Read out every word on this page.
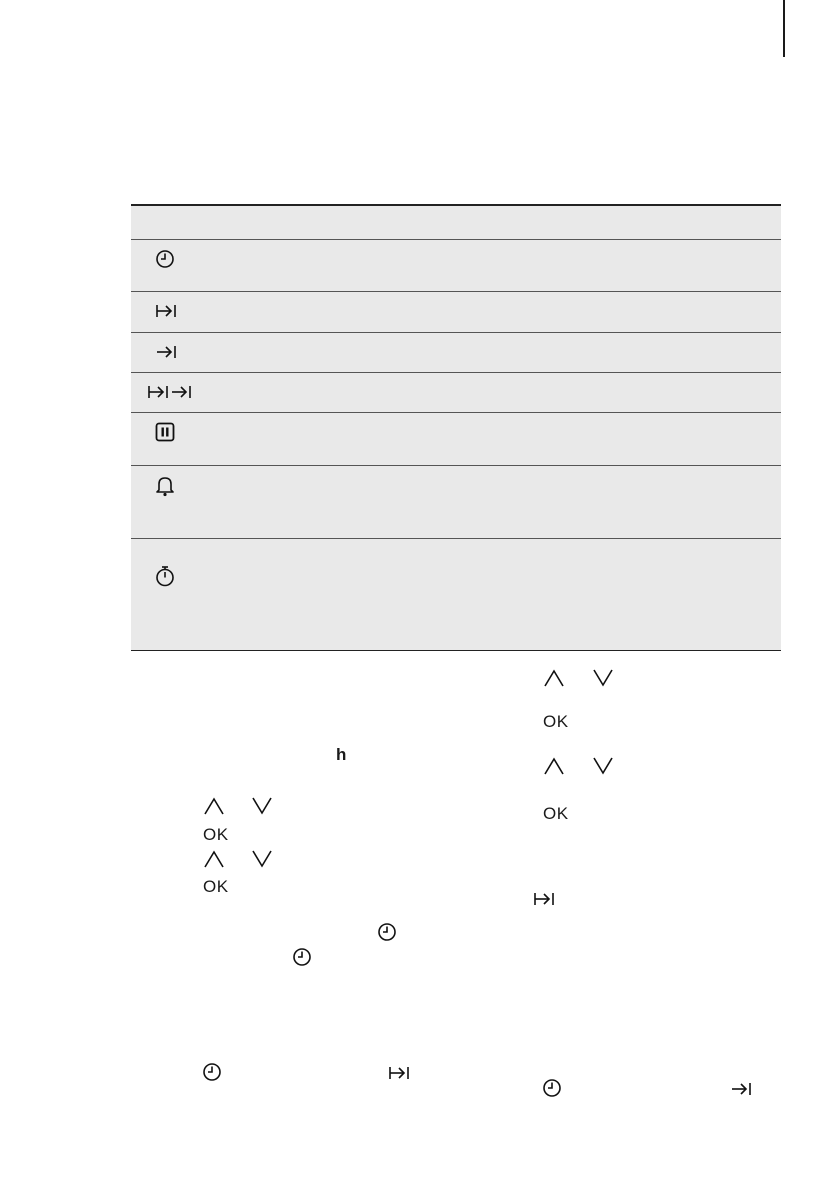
h
OK
OK
OK
OK
